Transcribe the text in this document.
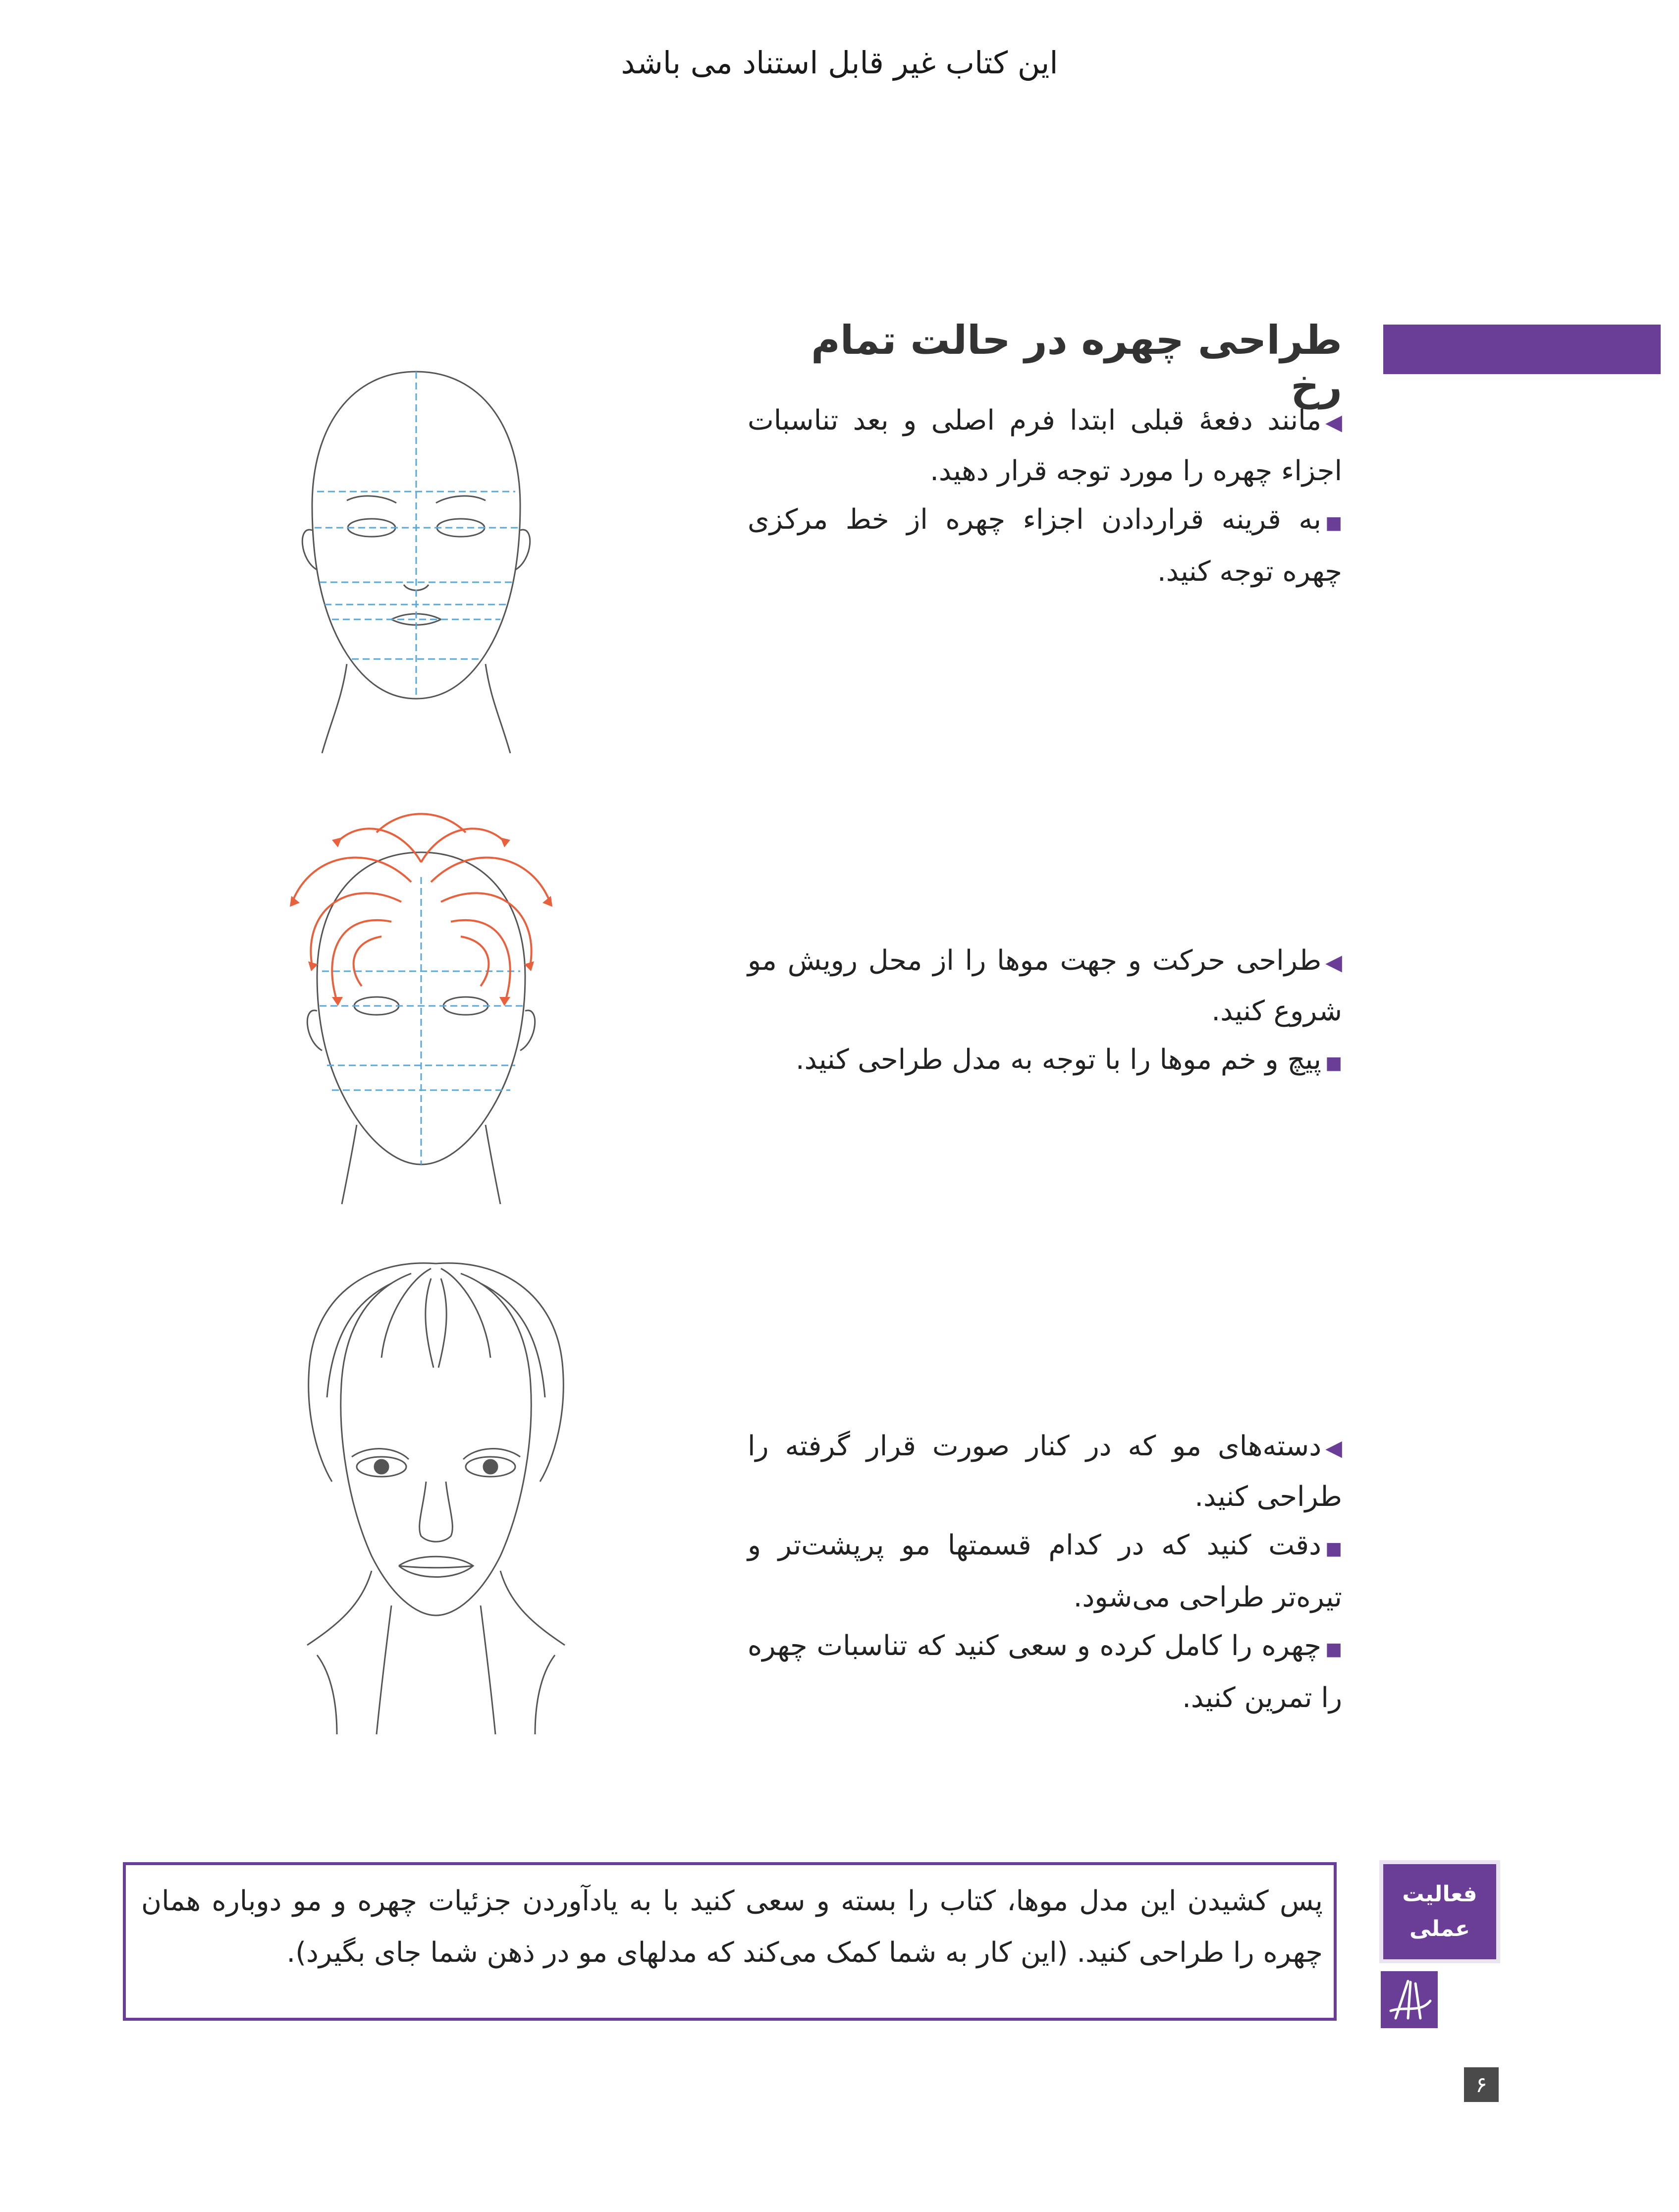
این کتاب غیر قابل استناد می باشد
طراحی چهره در حالت تمام رخ
◀مانند دفعهٔ قبلی ابتدا فرم اصلی و بعد تناسبات اجزاء چهره را مورد توجه قرار دهید.
■به قرینه قراردادن اجزاء چهره از خط مرکزی چهره توجه کنید.
◀طراحی حرکت و جهت موها را از محل رویش مو شروع کنید.
■پیچ و خم موها را با توجه به مدل طراحی کنید.
◀دسته‌های مو که در کنار صورت قرار گرفته را طراحی کنید.
■دقت کنید که در کدام قسمتها مو پرپشت‌تر و تیره‌تر طراحی می‌شود.
■چهره را کامل کرده و سعی کنید که تناسبات چهره را تمرین کنید.
پس کشیدن این مدل موها، کتاب را بسته و سعی کنید با به یادآوردن جزئیات چهره و مو دوباره همان چهره را طراحی کنید. (این کار به شما کمک می‌کند که مدلهای مو در ذهن شما جای بگیرد).
فعالیت
عملی
۶
